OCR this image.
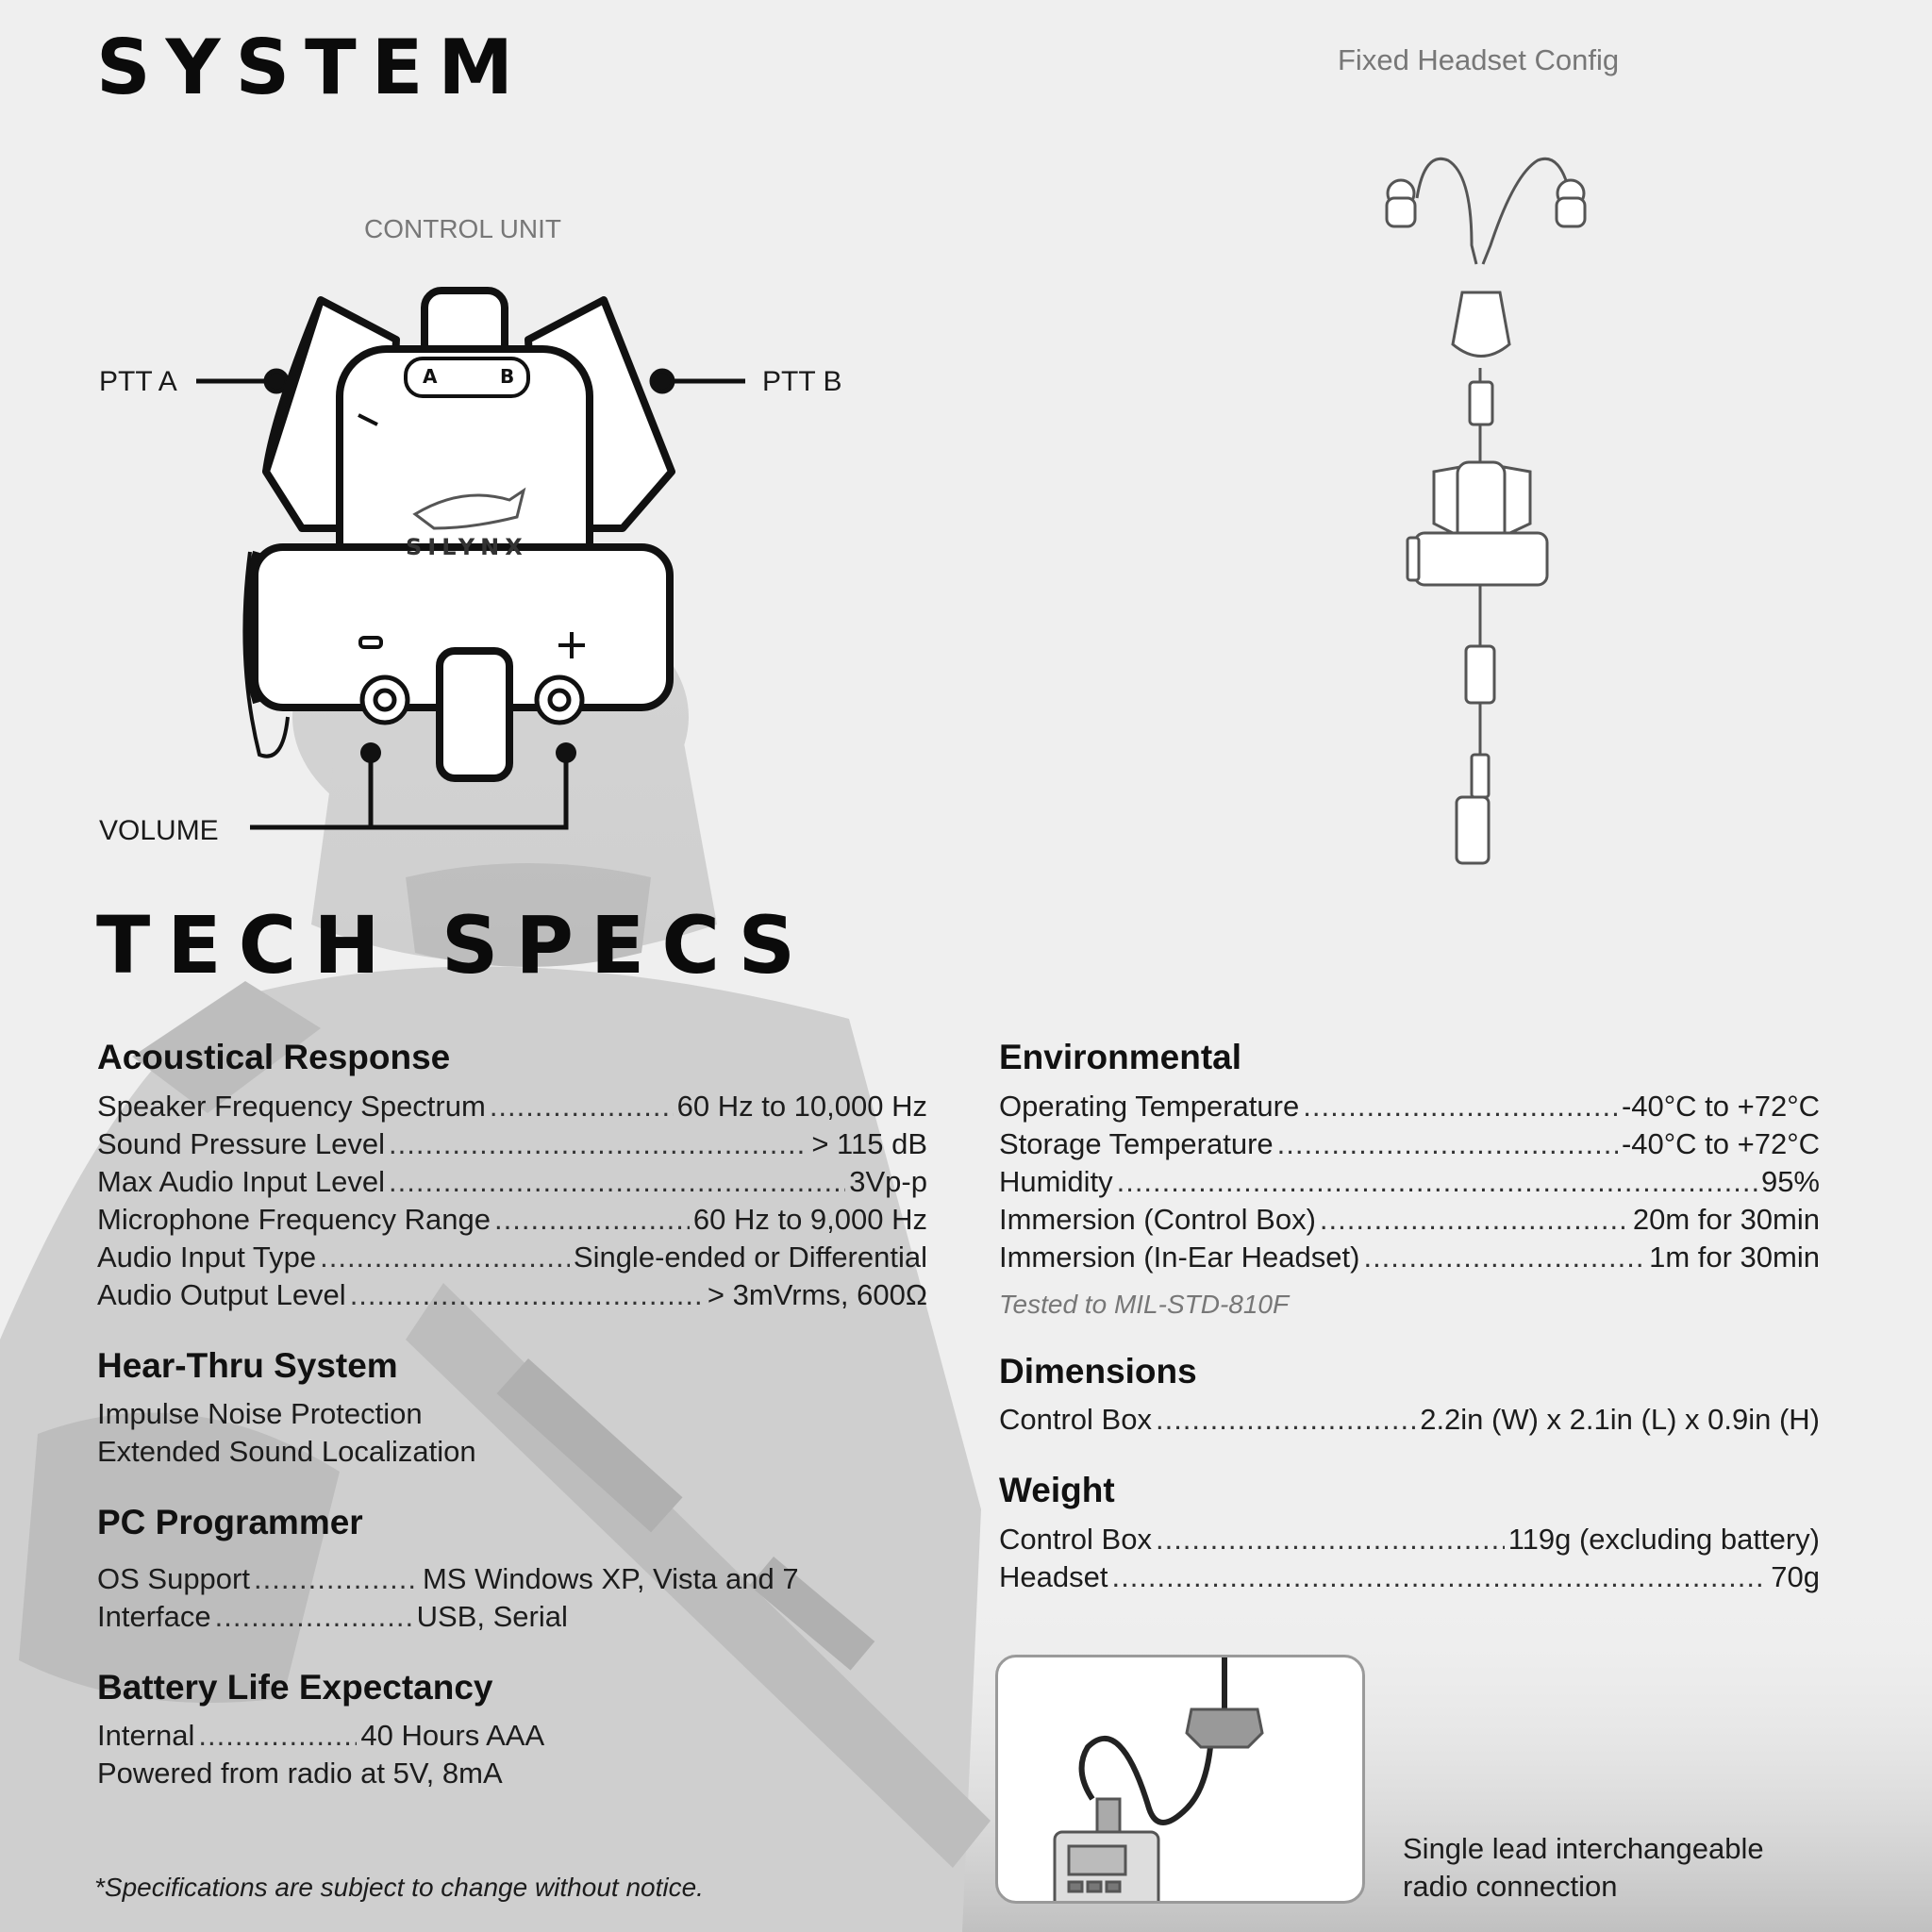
SYSTEM
CONTROL UNIT
PTT A	PTT B
VOLUME
A	B
SILYNX
Fixed Headset Config
TECH SPECS
Acoustical Response
Speaker Frequency Spectrum .....	60 Hz to 10,000 Hz
Sound Pressure Level .....	> 115 dB
Max Audio Input Level .....	3Vp-p
Microphone Frequency Range .....	60 Hz to 9,000 Hz
Audio Input Type .....	Single-ended or Differential
Audio Output Level .....	> 3mVrms, 600Ω
Hear-Thru System
Impulse Noise Protection
Extended Sound Localization
PC Programmer
OS Support .....	MS Windows XP, Vista and 7
Interface .....	USB, Serial
Battery Life Expectancy
Internal .....	40 Hours AAA
Powered from radio at 5V, 8mA
Environmental
Operating Temperature .....	-40°C to +72°C
Storage Temperature .....	-40°C to +72°C
Humidity .....	95%
Immersion (Control Box) .....	20m for 30min
Immersion (In-Ear Headset) .....	1m for 30min
Tested to MIL-STD-810F
Dimensions
Control Box .....	2.2in (W) x 2.1in (L) x 0.9in (H)
Weight
Control Box .....	119g (excluding battery)
Headset .....	70g
Single lead interchangeable
radio connection
*Specifications are subject to change without notice.
